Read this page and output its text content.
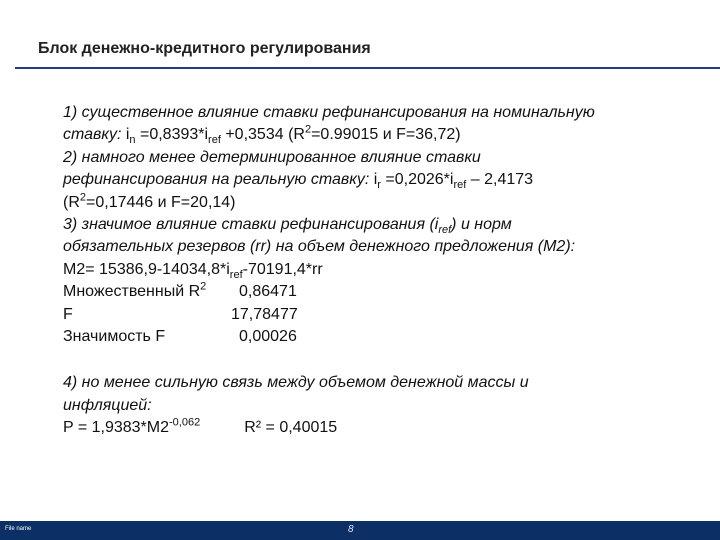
Блок денежно-кредитного регулирования

1) существенное влияние ставки рефинансирования на номинальную

ставку: $i_n =0,8393*i_{ref} +0,3534$ ($R^2=0.99015$ и F=36,72)

2) намного менее детерминированное влияние ставки

рефинансирования на реальную ставку: $i_r =0,2026*i_{ref} - 2,4173$

($R^2=0,17446$ и F=20,14)

3) значимое влияние ставки рефинансирования $(i_{ref})$ и норм

обязательных резервов (rr) на объем денежного предложения (М2):

$M2= 15386,9-14034,8*i_{ref}-70191,4*rr$

Множественный $R^2$	0,86471
F	17,78477
Значимость F	0,00026

4) но менее сильную связь между объемом денежной массы и

инфляцией:

$P = 1,9383*M2^{-0,062}$	R² = 0,40015

File name	8
